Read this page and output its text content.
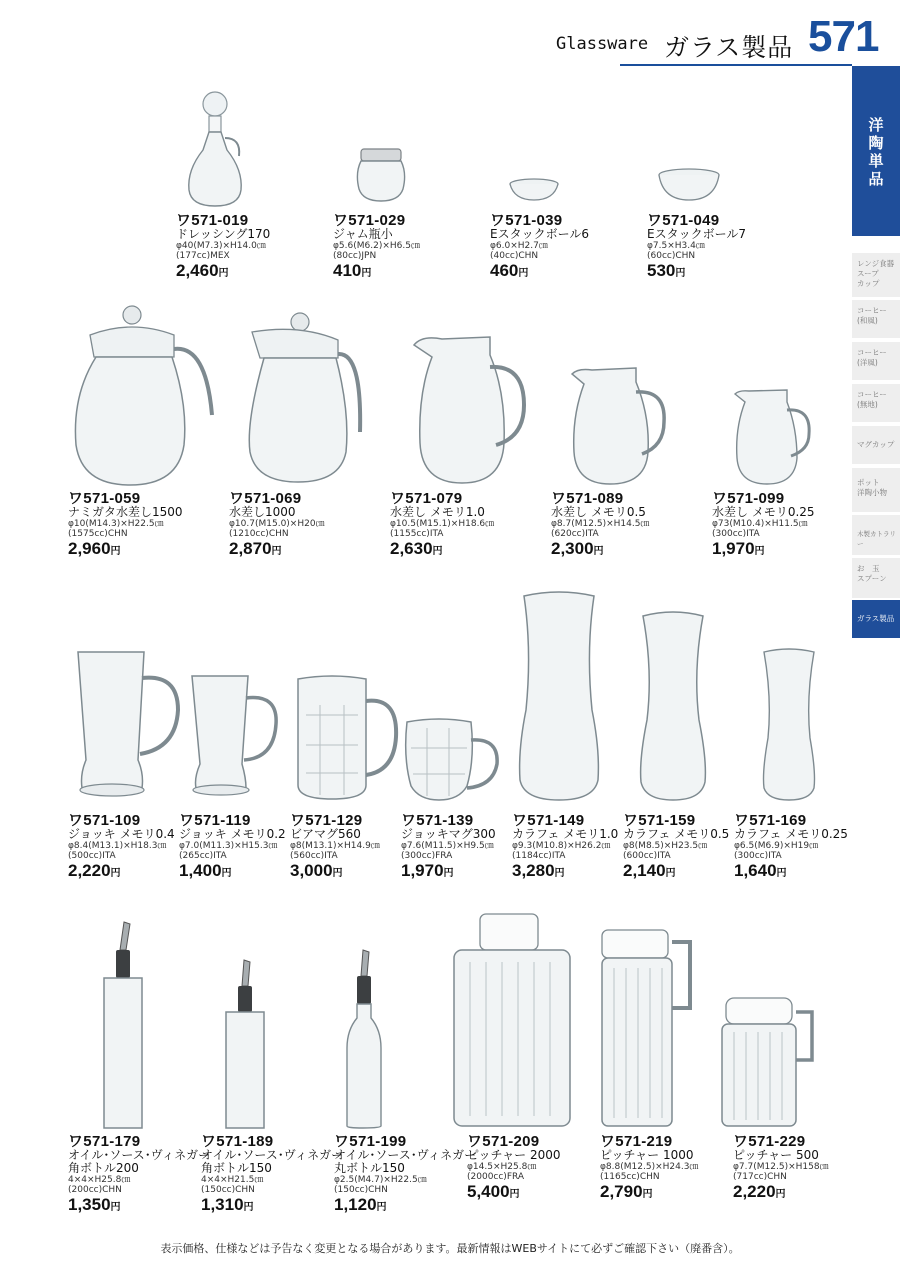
Glassware ガラス製品 571
洋
陶
単
品
レンジ食器
スープ
カップ
コーヒー
(和風)
コーヒー
(洋風)
コーヒー
(無地)
マグカップ
ポット
洋陶小物
木製カトラリー
お　玉
スプーン
ガラス製品
ワ571-019
ドレッシング170
φ40(M7.3)×H14.0㎝
(177cc)MEX
2,460円
ワ571-029
ジャム瓶小
φ5.6(M6.2)×H6.5㎝
(80cc)JPN
410円
ワ571-039
Eスタックボール6
φ6.0×H2.7㎝
(40cc)CHN
460円
ワ571-049
Eスタックボール7
φ7.5×H3.4㎝
(60cc)CHN
530円
ワ571-059
ナミガタ水差し1500
φ10(M14.3)×H22.5㎝
(1575cc)CHN
2,960円
ワ571-069
水差し1000
φ10.7(M15.0)×H20㎝
(1210cc)CHN
2,870円
ワ571-079
水差し メモリ1.0
φ10.5(M15.1)×H18.6㎝
(1155cc)ITA
2,630円
ワ571-089
水差し メモリ0.5
φ8.7(M12.5)×H14.5㎝
(620cc)ITA
2,300円
ワ571-099
水差し メモリ0.25
φ73(M10.4)×H11.5㎝
(300cc)ITA
1,970円
ワ571-109
ジョッキ メモリ0.4
φ8.4(M13.1)×H18.3㎝
(500cc)ITA
2,220円
ワ571-119
ジョッキ メモリ0.2
φ7.0(M11.3)×H15.3㎝
(265cc)ITA
1,400円
ワ571-129
ビアマグ560
φ8(M13.1)×H14.9㎝
(560cc)ITA
3,000円
ワ571-139
ジョッキマグ300
φ7.6(M11.5)×H9.5㎝
(300cc)FRA
1,970円
ワ571-149
カラフェ メモリ1.0
φ9.3(M10.8)×H26.2㎝
(1184cc)ITA
3,280円
ワ571-159
カラフェ メモリ0.5
φ8(M8.5)×H23.5㎝
(600cc)ITA
2,140円
ワ571-169
カラフェ メモリ0.25
φ6.5(M6.9)×H19㎝
(300cc)ITA
1,640円
ワ571-179
オイル･ソース･ヴィネガー
角ボトル200
4×4×H25.8㎝
(200cc)CHN
1,350円
ワ571-189
オイル･ソース･ヴィネガー
角ボトル150
4×4×H21.5㎝
(150cc)CHN
1,310円
ワ571-199
オイル･ソース･ヴィネガー
丸ボトル150
φ2.5(M4.7)×H22.5㎝
(150cc)CHN
1,120円
ワ571-209
ピッチャー 2000
φ14.5×H25.8㎝
(2000cc)FRA
5,400円
ワ571-219
ピッチャー 1000
φ8.8(M12.5)×H24.3㎝
(1165cc)CHN
2,790円
ワ571-229
ピッチャー 500
φ7.7(M12.5)×H158㎝
(717cc)CHN
2,220円
表示価格、仕様などは予告なく変更となる場合があります。最新情報はWEBサイトにて必ずご確認下さい（廃番含）。
